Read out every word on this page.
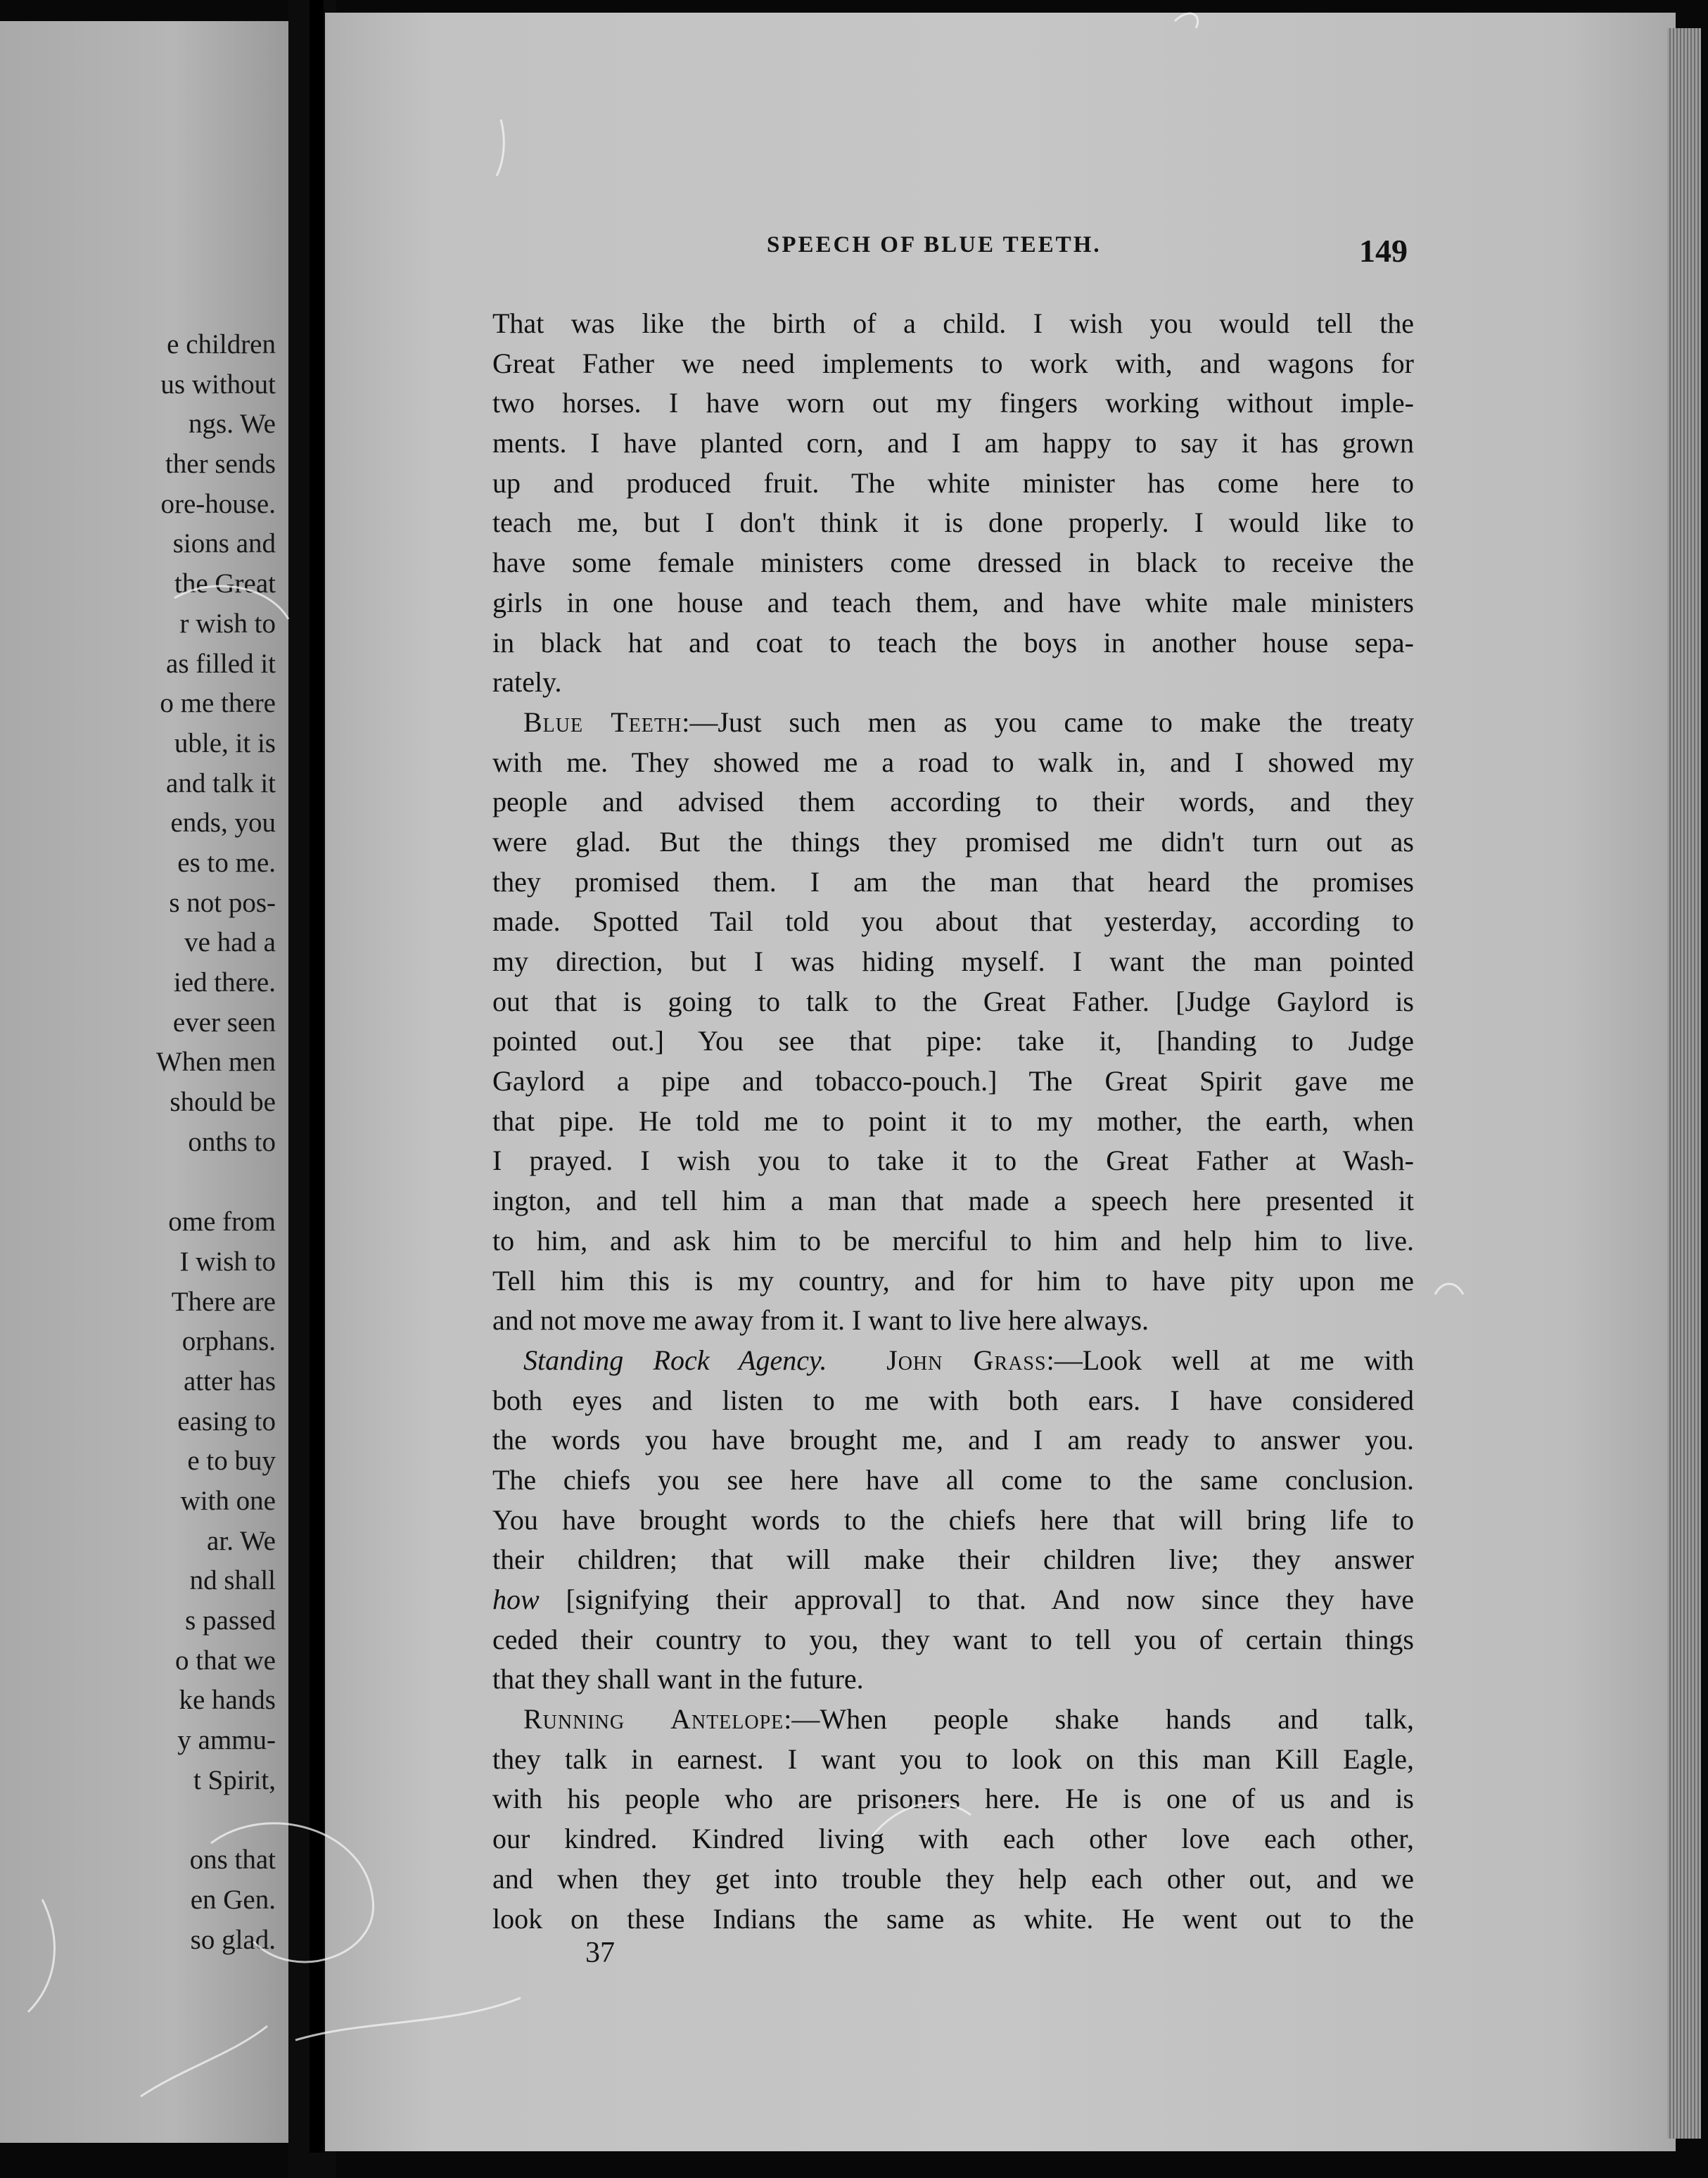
e children
us without
ngs. We
ther sends
ore-house.
sions and
the Great
r wish to
as filled it
o me there
uble, it is
and talk it
ends, you
es to me.
s not pos-
ve had a
ied there.
ever seen
When men
should be
onths to
ome from
I wish to
There are
orphans.
atter has
easing to
e to buy
with one
ar. We
nd shall
s passed
o that we
ke hands
y ammu-
t Spirit,
ons that
en Gen.
so glad.
SPEECH OF BLUE TEETH.	149
That was like the birth of a child. I wish you would tell the
Great Father we need implements to work with, and wagons for
two horses. I have worn out my fingers working without imple-
ments. I have planted corn, and I am happy to say it has grown
up and produced fruit. The white minister has come here to
teach me, but I don't think it is done properly. I would like to
have some female ministers come dressed in black to receive the
girls in one house and teach them, and have white male ministers
in black hat and coat to teach the boys in another house sepa-
rately.
Blue Teeth:—Just such men as you came to make the treaty
with me. They showed me a road to walk in, and I showed my
people and advised them according to their words, and they
were glad. But the things they promised me didn't turn out as
they promised them. I am the man that heard the promises
made. Spotted Tail told you about that yesterday, according to
my direction, but I was hiding myself. I want the man pointed
out that is going to talk to the Great Father. [Judge Gaylord is
pointed out.] You see that pipe: take it, [handing to Judge
Gaylord a pipe and tobacco-pouch.] The Great Spirit gave me
that pipe. He told me to point it to my mother, the earth, when
I prayed. I wish you to take it to the Great Father at Wash-
ington, and tell him a man that made a speech here presented it
to him, and ask him to be merciful to him and help him to live.
Tell him this is my country, and for him to have pity upon me
and not move me away from it. I want to live here always.
Standing Rock Agency. John Grass:—Look well at me with
both eyes and listen to me with both ears. I have considered
the words you have brought me, and I am ready to answer you.
The chiefs you see here have all come to the same conclusion.
You have brought words to the chiefs here that will bring life to
their children; that will make their children live; they answer
how [signifying their approval] to that. And now since they have
ceded their country to you, they want to tell you of certain things
that they shall want in the future.
Running Antelope:—When people shake hands and talk,
they talk in earnest. I want you to look on this man Kill Eagle,
with his people who are prisoners here. He is one of us and is
our kindred. Kindred living with each other love each other,
and when they get into trouble they help each other out, and we
look on these Indians the same as white. He went out to the
37
